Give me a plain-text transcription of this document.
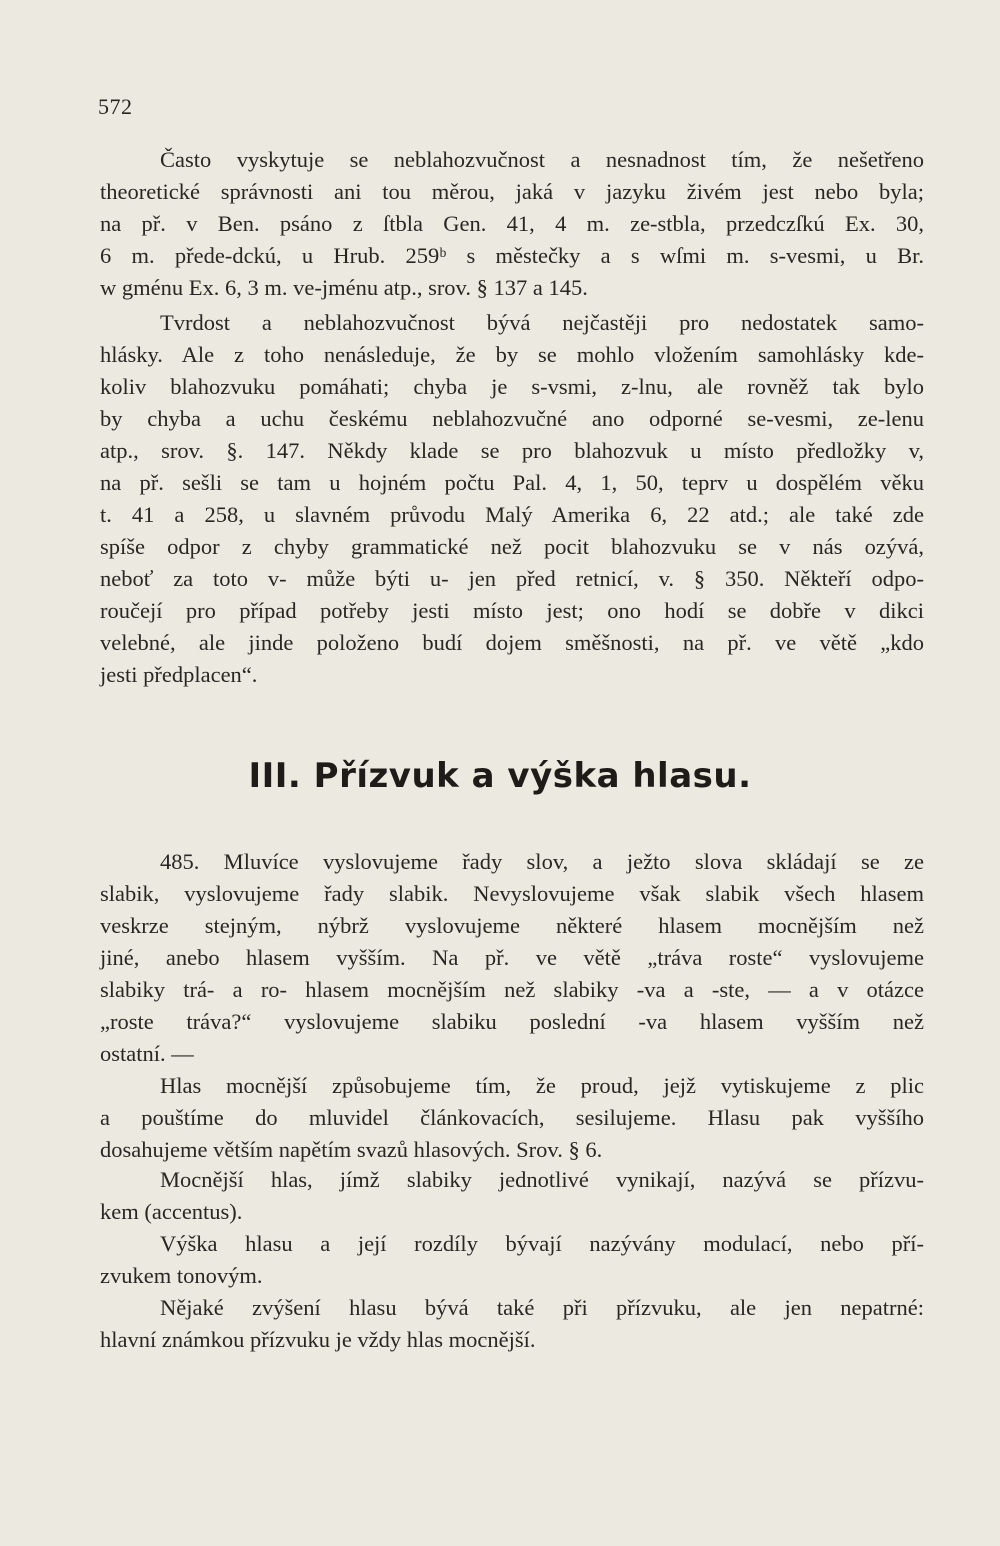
572
Často vyskytuje se neblahozvučnost a nesnadnost tím, že nešetřeno
theoretické správnosti ani tou měrou, jaká v jazyku živém jest nebo byla;
na př. v Ben. psáno z ſtbla Gen. 41, 4 m. ze-stbla, przedczſkú Ex. 30,
6 m. přede-dckú, u Hrub. 259ᵇ s městečky a s wſmi m. s-vesmi, u Br.
w gménu Ex. 6, 3 m. ve-jménu atp., srov. § 137 a 145.
Tvrdost a neblahozvučnost bývá nejčastěji pro nedostatek samo-
hlásky. Ale z toho nenásleduje, že by se mohlo vložením samohlásky kde-
koliv blahozvuku pomáhati; chyba je s-vsmi, z-lnu, ale rovněž tak bylo
by chyba a uchu českému neblahozvučné ano odporné se-vesmi, ze-lenu
atp., srov. §. 147. Někdy klade se pro blahozvuk u místo předložky v,
na př. sešli se tam u hojném počtu Pal. 4, 1, 50, teprv u dospělém věku
t. 41 a 258, u slavném průvodu Malý Amerika 6, 22 atd.; ale také zde
spíše odpor z chyby grammatické než pocit blahozvuku se v nás ozývá,
neboť za toto v- může býti u- jen před retnicí, v. § 350. Někteří odpo-
roučejí pro případ potřeby jesti místo jest; ono hodí se dobře v dikci
velebné, ale jinde položeno budí dojem směšnosti, na př. ve větě „kdo
jesti předplacen“.
III. Přízvuk a výška hlasu.
485. Mluvíce vyslovujeme řady slov, a ježto slova skládají se ze
slabik, vyslovujeme řady slabik. Nevyslovujeme však slabik všech hlasem
veskrze stejným, nýbrž vyslovujeme některé hlasem mocnějším než
jiné, anebo hlasem vyšším. Na př. ve větě „tráva roste“ vyslovujeme
slabiky trá- a ro- hlasem mocnějším než slabiky -va a -ste, — a v otázce
„roste tráva?“ vyslovujeme slabiku poslední -va hlasem vyšším než
ostatní. —
Hlas mocnější způsobujeme tím, že proud, jejž vytiskujeme z plic
a pouštíme do mluvidel článkovacích, sesilujeme. Hlasu pak vyššího
dosahujeme větším napětím svazů hlasových. Srov. § 6.
Mocnější hlas, jímž slabiky jednotlivé vynikají, nazývá se přízvu-
kem (accentus).
Výška hlasu a její rozdíly bývají nazývány modulací, nebo pří-
zvukem tonovým.
Nějaké zvýšení hlasu bývá také při přízvuku, ale jen nepatrné:
hlavní známkou přízvuku je vždy hlas mocnější.
